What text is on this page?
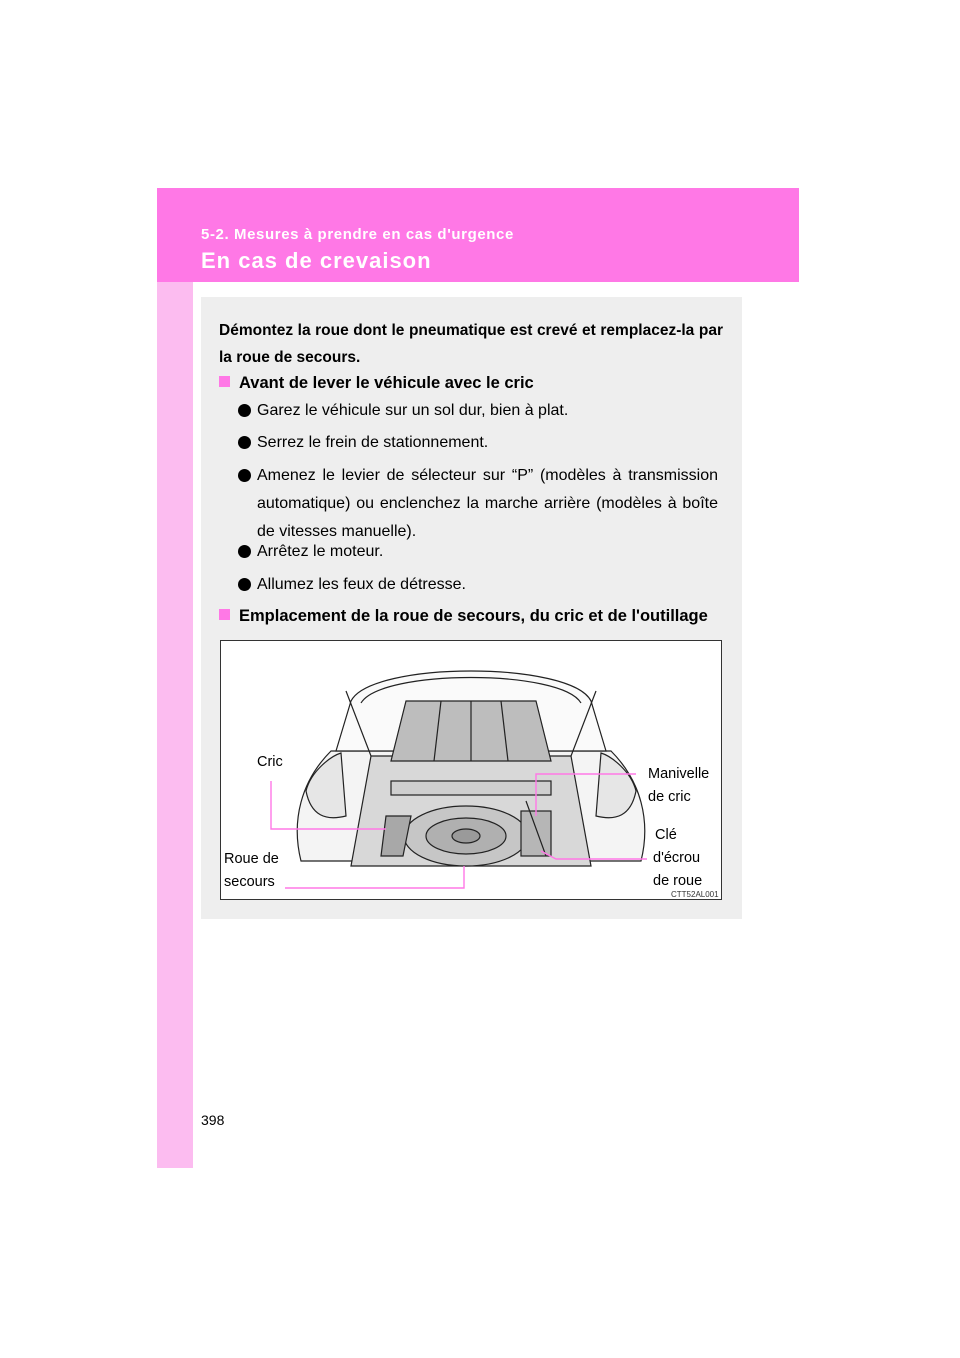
5-2. Mesures à prendre en cas d'urgence
En cas de crevaison

Démontez la roue dont le pneumatique est crevé et remplacez-la par la roue de secours.

Avant de lever le véhicule avec le cric
Garez le véhicule sur un sol dur, bien à plat.
Serrez le frein de stationnement.
Amenez le levier de sélecteur sur “P” (modèles à transmission automatique) ou enclenchez la marche arrière (modèles à boîte de vitesses manuelle).
Arrêtez le moteur.
Allumez les feux de détresse.
Emplacement de la roue de secours, du cric et de l'outillage
Cric
Manivelle
de cric
Clé
d'écrou
de roue
Roue de
secours
CTT52AL001
398
